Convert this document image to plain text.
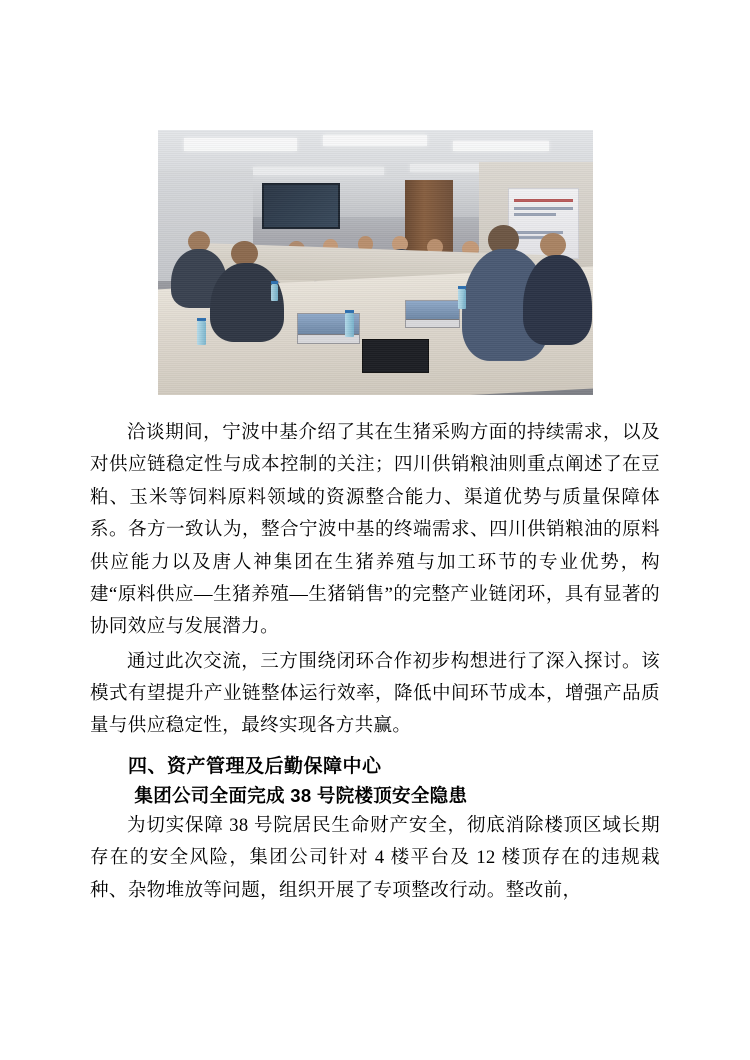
洽谈期间，宁波中基介绍了其在生猪采购方面的持续需求，以及对供应链稳定性与成本控制的关注；四川供销粮油则重点阐述了在豆粕、玉米等饲料原料领域的资源整合能力、渠道优势与质量保障体系。各方一致认为，整合宁波中基的终端需求、四川供销粮油的原料供应能力以及唐人神集团在生猪养殖与加工环节的专业优势，构建“原料供应—生猪养殖—生猪销售”的完整产业链闭环，具有显著的协同效应与发展潜力。

通过此次交流，三方围绕闭环合作初步构想进行了深入探讨。该模式有望提升产业链整体运行效率，降低中间环节成本，增强产品质量与供应稳定性，最终实现各方共赢。

四、资产管理及后勤保障中心
集团公司全面完成 38 号院楼顶安全隐患

为切实保障 38 号院居民生命财产安全，彻底消除楼顶区域长期存在的安全风险，集团公司针对 4 楼平台及 12 楼顶存在的违规栽种、杂物堆放等问题，组织开展了专项整改行动。整改前，
